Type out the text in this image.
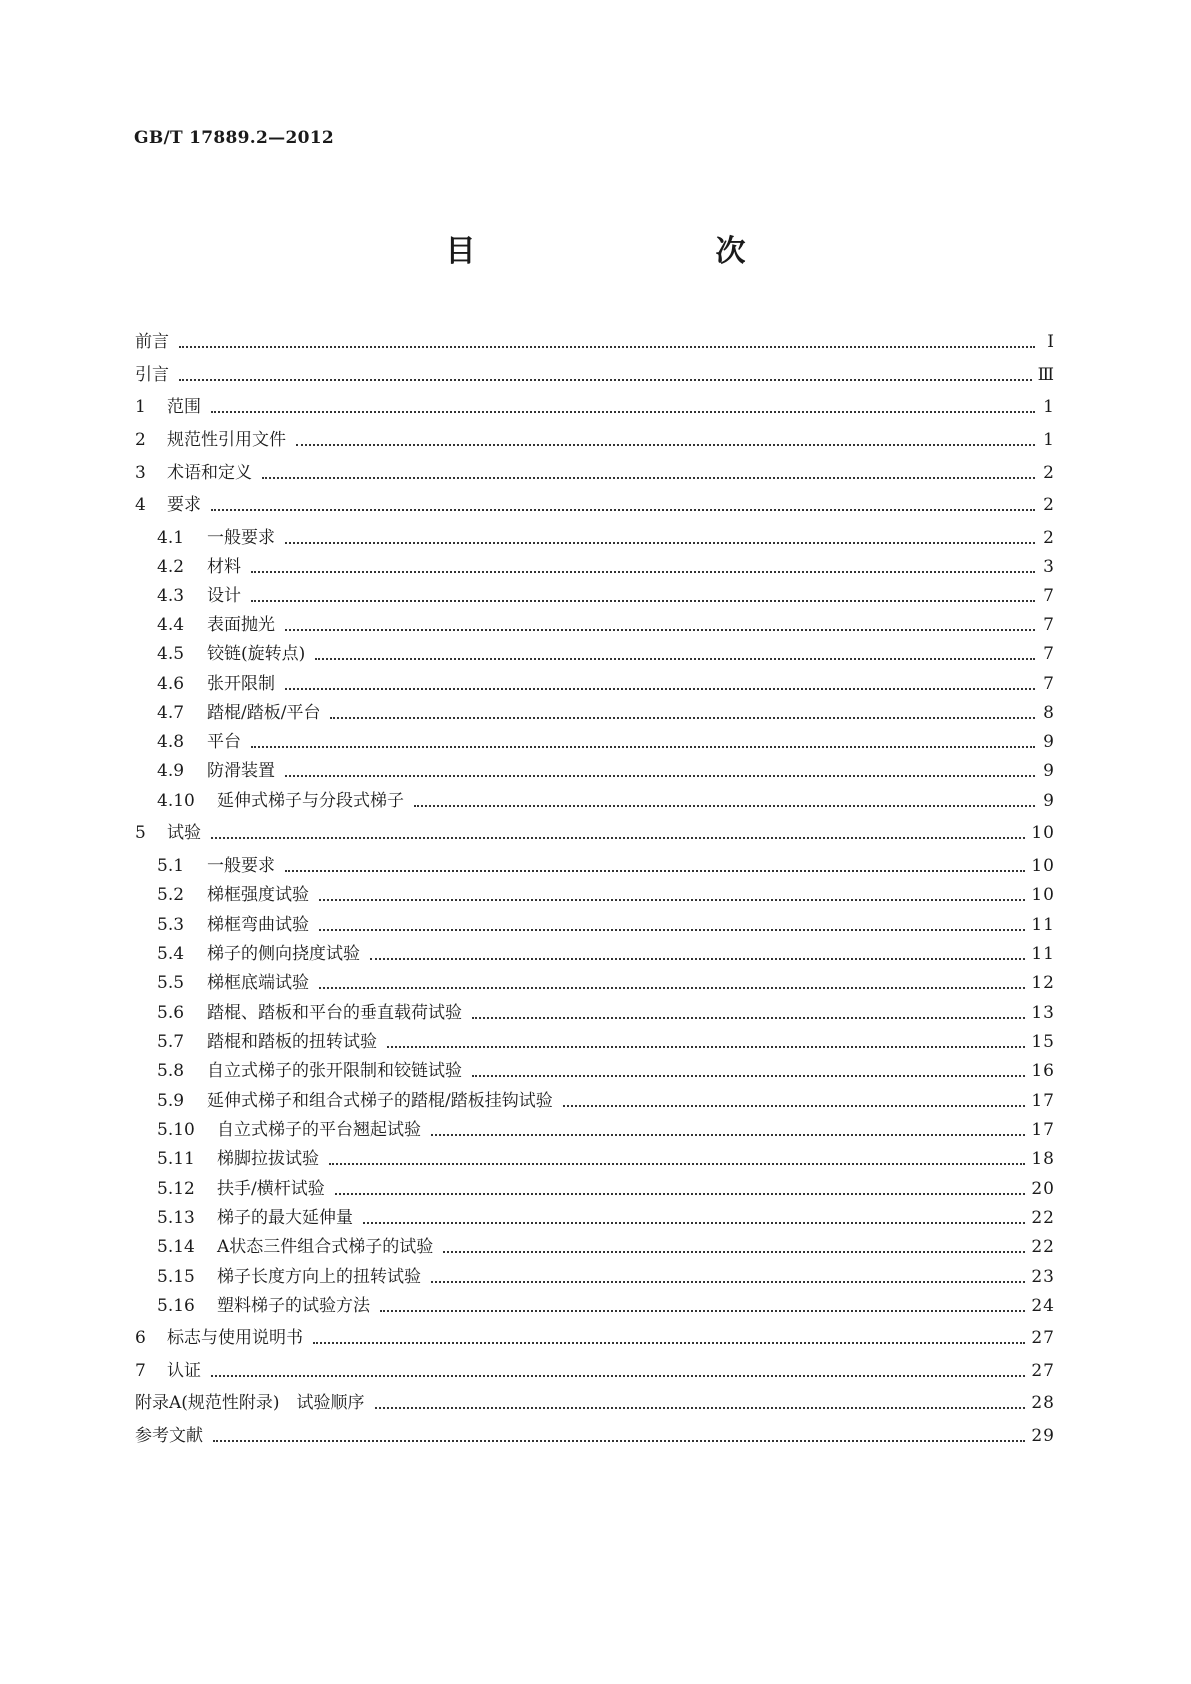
GB/T 17889.2—2012
目　　次
前言	Ⅰ
引言	Ⅲ
1	范围	1
2	规范性引用文件	1
3	术语和定义	2
4	要求	2
4.1	一般要求	2
4.2	材料	3
4.3	设计	7
4.4	表面抛光	7
4.5	铰链(旋转点)	7
4.6	张开限制	7
4.7	踏棍/踏板/平台	8
4.8	平台	9
4.9	防滑装置	9
4.10	延伸式梯子与分段式梯子	9
5	试验	10
5.1	一般要求	10
5.2	梯框强度试验	10
5.3	梯框弯曲试验	11
5.4	梯子的侧向挠度试验	11
5.5	梯框底端试验	12
5.6	踏棍、踏板和平台的垂直载荷试验	13
5.7	踏棍和踏板的扭转试验	15
5.8	自立式梯子的张开限制和铰链试验	16
5.9	延伸式梯子和组合式梯子的踏棍/踏板挂钩试验	17
5.10	自立式梯子的平台翘起试验	17
5.11	梯脚拉拔试验	18
5.12	扶手/横杆试验	20
5.13	梯子的最大延伸量	22
5.14	A状态三件组合式梯子的试验	22
5.15	梯子长度方向上的扭转试验	23
5.16	塑料梯子的试验方法	24
6	标志与使用说明书	27
7	认证	27
附录A(规范性附录)　试验顺序	28
参考文献	29
